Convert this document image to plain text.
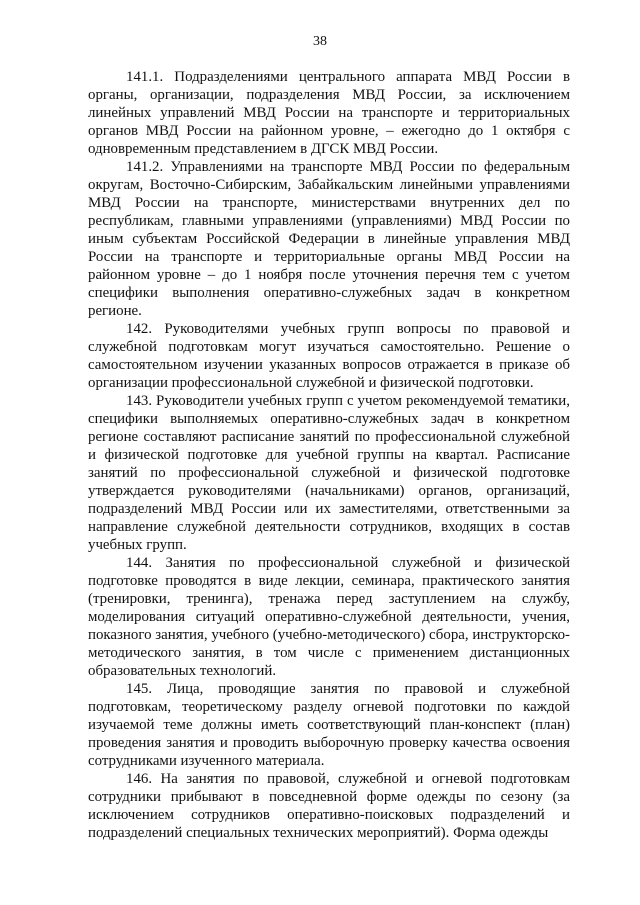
38

141.1. Подразделениями центрального аппарата МВД России в органы, организации, подразделения МВД России, за исключением линейных управлений МВД России на транспорте и территориальных органов МВД России на районном уровне, – ежегодно до 1 октября с одновременным представлением в ДГСК МВД России.

141.2. Управлениями на транспорте МВД России по федеральным округам, Восточно-Сибирским, Забайкальским линейными управлениями МВД России на транспорте, министерствами внутренних дел по республикам, главными управлениями (управлениями) МВД России по иным субъектам Российской Федерации в линейные управления МВД России на транспорте и территориальные органы МВД России на районном уровне – до 1 ноября после уточнения перечня тем с учетом специфики выполнения оперативно-служебных задач в конкретном регионе.

142. Руководителями учебных групп вопросы по правовой и служебной подготовкам могут изучаться самостоятельно. Решение о самостоятельном изучении указанных вопросов отражается в приказе об организации профессиональной служебной и физической подготовки.

143. Руководители учебных групп с учетом рекомендуемой тематики, специфики выполняемых оперативно-служебных задач в конкретном регионе составляют расписание занятий по профессиональной служебной и физической подготовке для учебной группы на квартал. Расписание занятий по профессиональной служебной и физической подготовке утверждается руководителями (начальниками) органов, организаций, подразделений МВД России или их заместителями, ответственными за направление служебной деятельности сотрудников, входящих в состав учебных групп.

144. Занятия по профессиональной служебной и физической подготовке проводятся в виде лекции, семинара, практического занятия (тренировки, тренинга), тренажа перед заступлением на службу, моделирования ситуаций оперативно-служебной деятельности, учения, показного занятия, учебного (учебно-методического) сбора, инструкторско-методического занятия, в том числе с применением дистанционных образовательных технологий.

145. Лица, проводящие занятия по правовой и служебной подготовкам, теоретическому разделу огневой подготовки по каждой изучаемой теме должны иметь соответствующий план-конспект (план) проведения занятия и проводить выборочную проверку качества освоения сотрудниками изученного материала.

146. На занятия по правовой, служебной и огневой подготовкам сотрудники прибывают в повседневной форме одежды по сезону (за исключением сотрудников оперативно-поисковых подразделений и подразделений специальных технических мероприятий). Форма одежды
